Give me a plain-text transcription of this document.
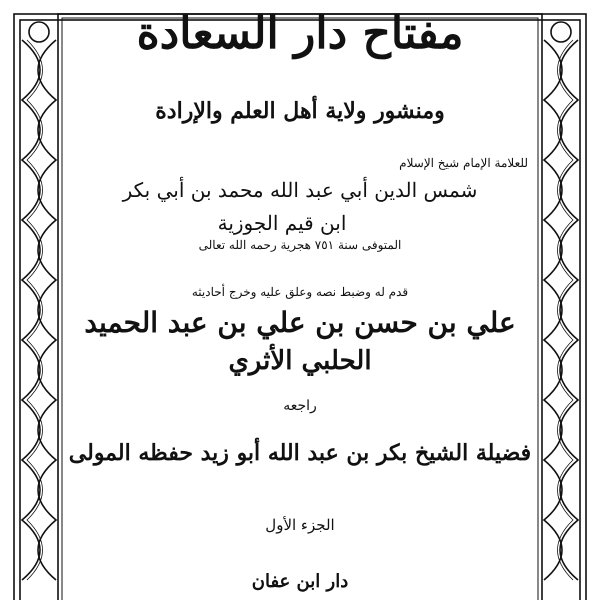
مفتاح دار السعادة
ومنشور ولاية أهل العلم والإرادة
للعلامة الإمام شيخ الإسلام
شمس الدين أبي عبد الله محمد بن أبي بكر
ابن قيم الجوزية
المتوفى سنة ٧٥١ هجرية رحمه الله تعالى
قدم له وضبط نصه وعلق عليه وخرج أحاديثه
علي بن حسن بن علي بن عبد الحميد
الحلبي الأثري
راجعه
فضيلة الشيخ بكر بن عبد الله أبو زيد حفظه المولى
الجزء الأول
دار ابن عفان
